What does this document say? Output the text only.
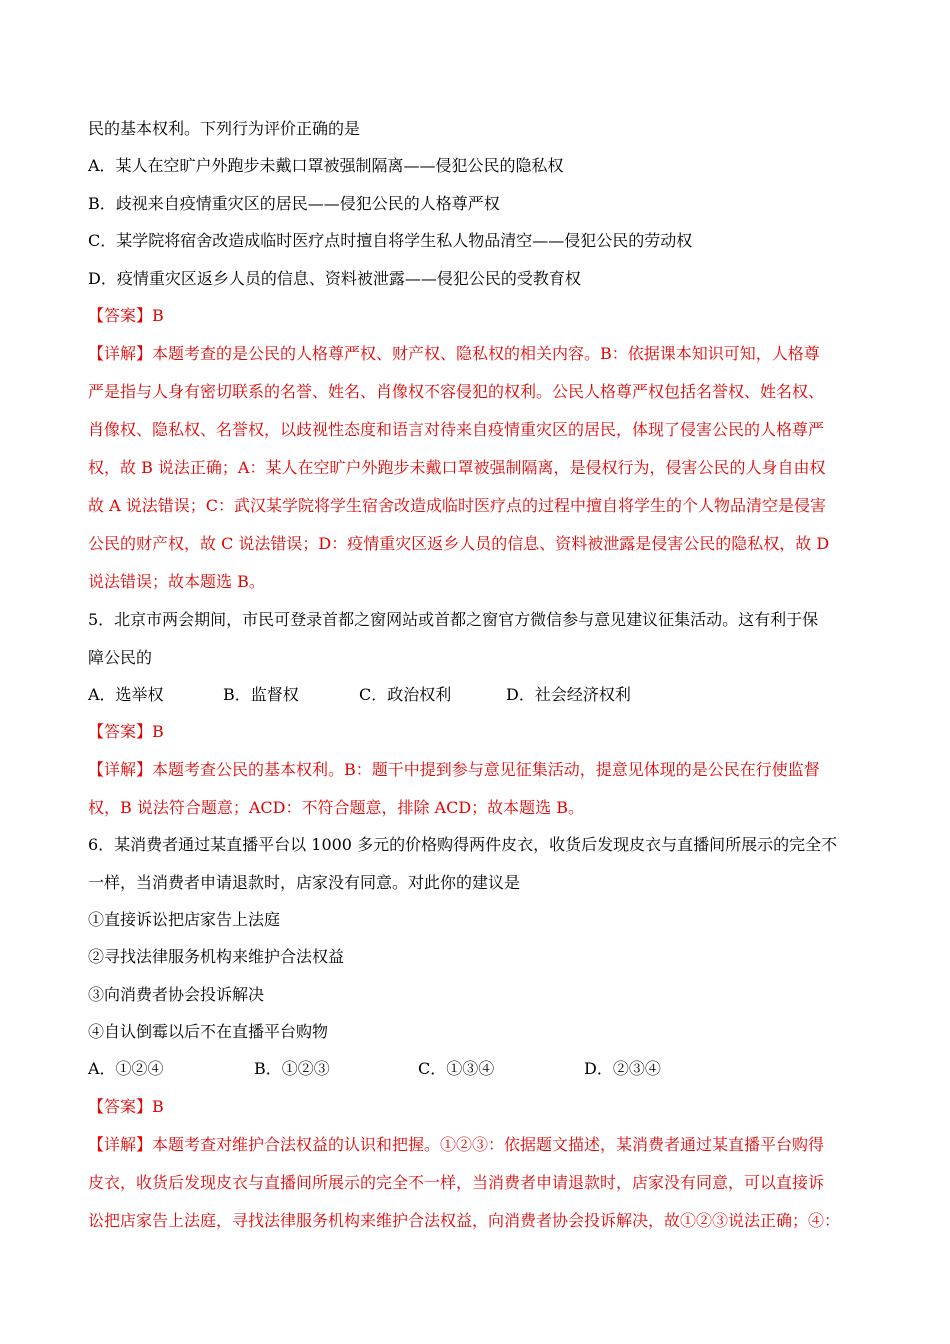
民的基本权利。下列行为评价正确的是
A．某人在空旷户外跑步未戴口罩被强制隔离——侵犯公民的隐私权
B．歧视来自疫情重灾区的居民——侵犯公民的人格尊严权
C．某学院将宿舍改造成临时医疗点时擅自将学生私人物品清空——侵犯公民的劳动权
D．疫情重灾区返乡人员的信息、资料被泄露——侵犯公民的受教育权
【答案】B
【详解】本题考查的是公民的人格尊严权、财产权、隐私权的相关内容。B：依据课本知识可知，人格尊
严是指与人身有密切联系的名誉、姓名、肖像权不容侵犯的权利。公民人格尊严权包括名誉权、姓名权、
肖像权、隐私权、名誉权，以歧视性态度和语言对待来自疫情重灾区的居民，体现了侵害公民的人格尊严
权，故 B 说法正确；A：某人在空旷户外跑步未戴口罩被强制隔离，是侵权行为，侵害公民的人身自由权
故 A 说法错误；C：武汉某学院将学生宿舍改造成临时医疗点的过程中擅自将学生的个人物品清空是侵害
公民的财产权，故 C 说法错误；D：疫情重灾区返乡人员的信息、资料被泄露是侵害公民的隐私权，故 D
说法错误；故本题选 B。
5．北京市两会期间，市民可登录首都之窗网站或首都之窗官方微信参与意见建议征集活动。这有利于保
障公民的
A．选举权	B．监督权	C．政治权利	D．社会经济权利
【答案】B
【详解】本题考查公民的基本权利。B：题干中提到参与意见征集活动，提意见体现的是公民在行使监督
权，B 说法符合题意；ACD：不符合题意，排除 ACD；故本题选 B。
6．某消费者通过某直播平台以 1000 多元的价格购得两件皮衣，收货后发现皮衣与直播间所展示的完全不
一样，当消费者申请退款时，店家没有同意。对此你的建议是
①直接诉讼把店家告上法庭
②寻找法律服务机构来维护合法权益
③向消费者协会投诉解决
④自认倒霉以后不在直播平台购物
A．①②④	B．①②③	C．①③④	D．②③④
【答案】B
【详解】本题考查对维护合法权益的认识和把握。①②③：依据题文描述，某消费者通过某直播平台购得
皮衣，收货后发现皮衣与直播间所展示的完全不一样，当消费者申请退款时，店家没有同意，可以直接诉
讼把店家告上法庭，寻找法律服务机构来维护合法权益，向消费者协会投诉解决，故①②③说法正确；④：
